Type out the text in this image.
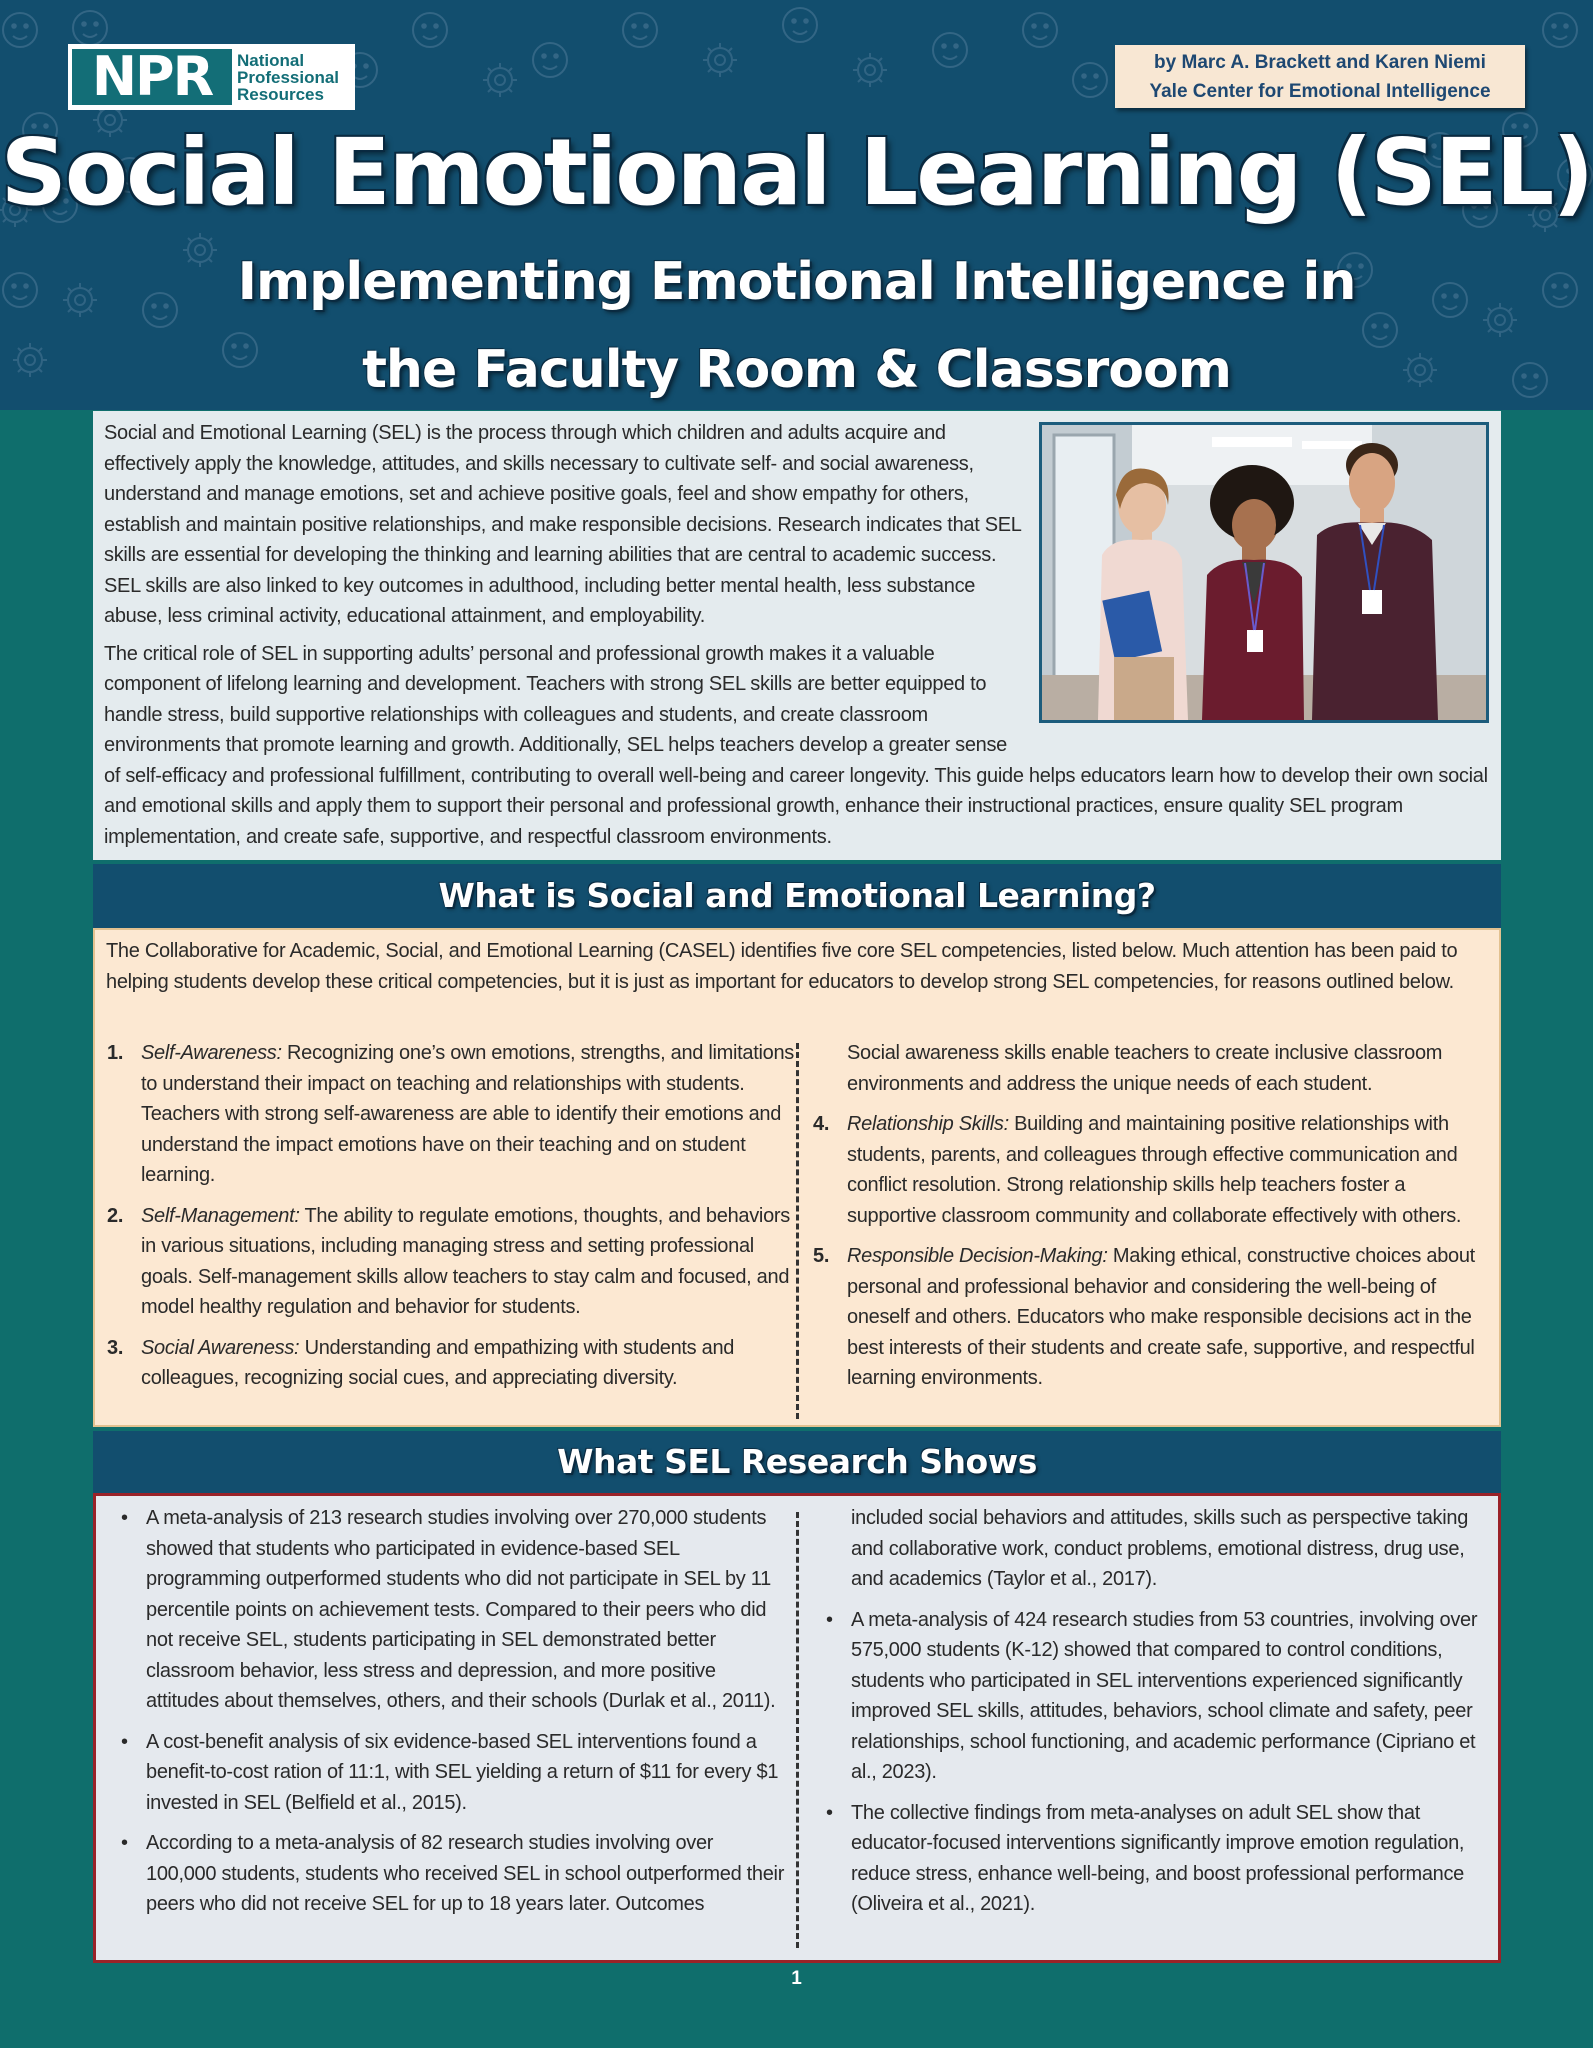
NPR	National
Professional
Resources
by Marc A. Brackett and Karen Niemi
Yale Center for Emotional Intelligence
Social Emotional Learning (SEL)
Implementing Emotional Intelligence in
the Faculty Room & Classroom

Social and Emotional Learning (SEL) is the process through which children and adults acquire and effectively apply the knowledge, attitudes, and skills necessary to cultivate self- and social awareness, understand and manage emotions, set and achieve positive goals, feel and show empathy for others, establish and maintain positive relationships, and make responsible decisions. Research indicates that SEL skills are essential for developing the thinking and learning abilities that are central to academic success. SEL skills are also linked to key outcomes in adulthood, including better mental health, less substance abuse, less criminal activity, educational attainment, and employability.

The critical role of SEL in supporting adults’ personal and professional growth makes it a valuable component of lifelong learning and development. Teachers with strong SEL skills are better equipped to handle stress, build supportive relationships with colleagues and students, and create classroom environments that promote learning and growth. Additionally, SEL helps teachers develop a greater sense of self-efficacy and professional fulfillment, contributing to overall well-being and career longevity. This guide helps educators learn how to develop their own social and emotional skills and apply them to support their personal and professional growth, enhance their instructional practices, ensure quality SEL program implementation, and create safe, supportive, and respectful classroom environments.

What is Social and Emotional Learning?
The Collaborative for Academic, Social, and Emotional Learning (CASEL) identifies five core SEL competencies, listed below. Much attention has been paid to helping students develop these critical competencies, but it is just as important for educators to develop strong SEL competencies, for reasons outlined below.
1. Self-Awareness: Recognizing one’s own emotions, strengths, and limitations to understand their impact on teaching and relationships with students. Teachers with strong self-awareness are able to identify their emotions and understand the impact emotions have on their teaching and on student learning.
2. Self-Management: The ability to regulate emotions, thoughts, and behaviors in various situations, including managing stress and setting professional goals. Self-management skills allow teachers to stay calm and focused, and model healthy regulation and behavior for students.
3. Social Awareness: Understanding and empathizing with students and colleagues, recognizing social cues, and appreciating diversity.

Social awareness skills enable teachers to create inclusive classroom environments and address the unique needs of each student.

4. Relationship Skills: Building and maintaining positive relationships with students, parents, and colleagues through effective communication and conflict resolution. Strong relationship skills help teachers foster a supportive classroom community and collaborate effectively with others.
5. Responsible Decision-Making: Making ethical, constructive choices about personal and professional behavior and considering the well-being of oneself and others. Educators who make responsible decisions act in the best interests of their students and create safe, supportive, and respectful learning environments.
What SEL Research Shows
• A meta-analysis of 213 research studies involving over 270,000 students showed that students who participated in evidence-based SEL programming outperformed students who did not participate in SEL by 11 percentile points on achievement tests. Compared to their peers who did not receive SEL, students participating in SEL demonstrated better classroom behavior, less stress and depression, and more positive attitudes about themselves, others, and their schools (Durlak et al., 2011).
• A cost-benefit analysis of six evidence-based SEL interventions found a benefit-to-cost ration of 11:1, with SEL yielding a return of $11 for every $1 invested in SEL (Belfield et al., 2015).
• According to a meta-analysis of 82 research studies involving over 100,000 students, students who received SEL in school outperformed their peers who did not receive SEL for up to 18 years later. Outcomes

included social behaviors and attitudes, skills such as perspective taking and collaborative work, conduct problems, emotional distress, drug use, and academics (Taylor et al., 2017).

• A meta-analysis of 424 research studies from 53 countries, involving over 575,000 students (K-12) showed that compared to control conditions, students who participated in SEL interventions experienced significantly improved SEL skills, attitudes, behaviors, school climate and safety, peer relationships, school functioning, and academic performance (Cipriano et al., 2023).
• The collective findings from meta-analyses on adult SEL show that educator-focused interventions significantly improve emotion regulation, reduce stress, enhance well-being, and boost professional performance (Oliveira et al., 2021).
1
